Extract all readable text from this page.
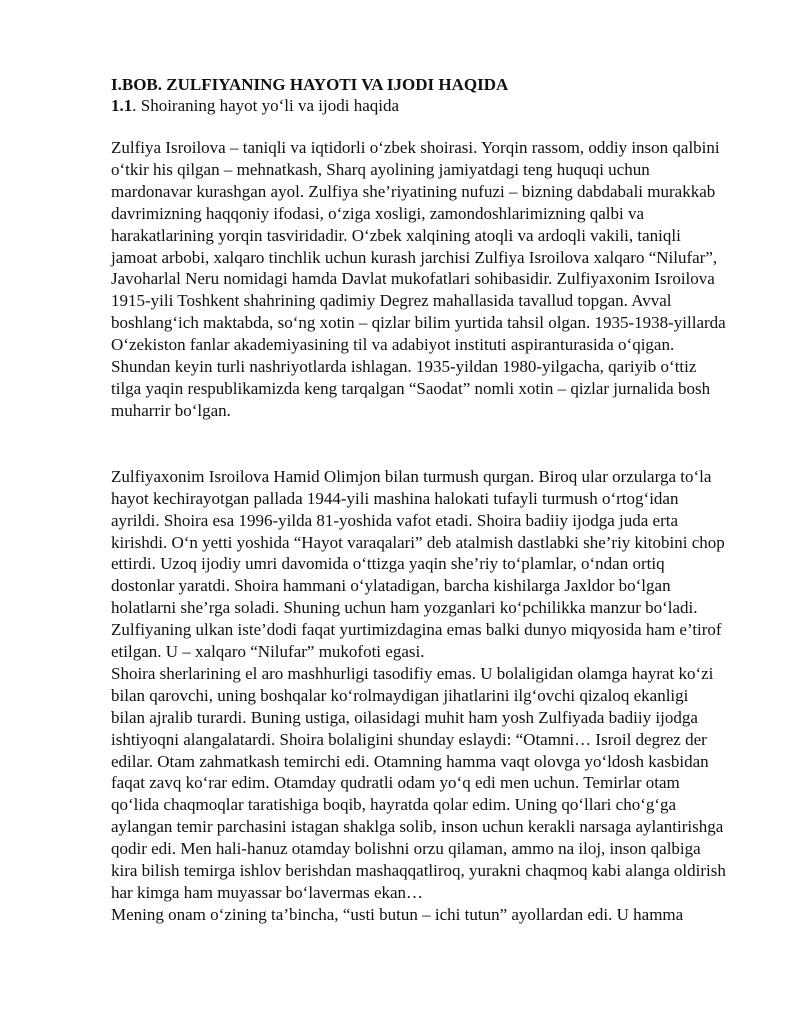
I.BOB. ZULFIYANING HAYOTI VA IJODI HAQIDA

1.1. Shoiraning hayot yo‘li va ijodi haqida

Zulfiya Isroilova – taniqli va iqtidorli o‘zbek shoirasi. Yorqin rassom, oddiy inson qalbini o‘tkir his qilgan – mehnatkash, Sharq ayolining jamiyatdagi teng huquqi uchun mardonavar kurashgan ayol. Zulfiya she’riyatining nufuzi – bizning dabdabali murakkab davrimizning haqqoniy ifodasi, o‘ziga xosligi, zamondoshlarimizning qalbi va harakatlarining yorqin tasviridadir. O‘zbek xalqining atoqli va ardoqli vakili, taniqli jamoat arbobi, xalqaro tinchlik uchun kurash jarchisi Zulfiya Isroilova xalqaro “Nilufar”, Javoharlal Neru nomidagi hamda Davlat mukofatlari sohibasidir. Zulfiyaxonim Isroilova 1915-yili Toshkent shahrining qadimiy Degrez mahallasida tavallud topgan. Avval boshlang‘ich maktabda, so‘ng xotin – qizlar bilim yurtida tahsil olgan. 1935-1938-yillarda O‘zekiston fanlar akademiyasining til va adabiyot instituti aspiranturasida o‘qigan. Shundan keyin turli nashriyotlarda ishlagan. 1935-yildan 1980-yilgacha, qariyib o‘ttiz tilga yaqin respublikamizda keng tarqalgan “Saodat” nomli xotin – qizlar jurnalida bosh muharrir bo‘lgan.

Zulfiyaxonim Isroilova Hamid Olimjon bilan turmush qurgan. Biroq ular orzularga to‘la hayot kechirayotgan pallada 1944-yili mashina halokati tufayli turmush o‘rtog‘idan ayrildi. Shoira esa 1996-yilda 81-yoshida vafot etadi. Shoira badiiy ijodga juda erta kirishdi. O‘n yetti yoshida “Hayot varaqalari” deb atalmish dastlabki she’riy kitobini chop ettirdi. Uzoq ijodiy umri davomida o‘ttizga yaqin she’riy to‘plamlar, o‘ndan ortiq dostonlar yaratdi. Shoira hammani o‘ylatadigan, barcha kishilarga Jaxldor bo‘lgan holatlarni she’rga soladi. Shuning uchun ham yozganlari ko‘pchilikka manzur bo‘ladi. Zulfiyaning ulkan iste’dodi faqat yurtimizdagina emas balki dunyo miqyosida ham e’tirof etilgan. U – xalqaro “Nilufar” mukofoti egasi.

Shoira sherlarining el aro mashhurligi tasodifiy emas. U bolaligidan olamga hayrat ko‘zi bilan qarovchi, uning boshqalar ko‘rolmaydigan jihatlarini ilg‘ovchi qizaloq ekanligi bilan ajralib turardi. Buning ustiga, oilasidagi muhit ham yosh Zulfiyada badiiy ijodga ishtiyoqni alangalatardi. Shoira bolaligini shunday eslaydi: “Otamni… Isroil degrez der edilar. Otam zahmatkash temirchi edi. Otamning hamma vaqt olovga yo‘ldosh kasbidan faqat zavq ko‘rar edim. Otamday qudratli odam yo‘q edi men uchun. Temirlar otam qo‘lida chaqmoqlar taratishiga boqib, hayratda qolar edim. Uning qo‘llari cho‘g‘ga aylangan temir parchasini istagan shaklga solib, inson uchun kerakli narsaga aylantirishga qodir edi. Men hali-hanuz otamday bolishni orzu qilaman, ammo na iloj, inson qalbiga kira bilish temirga ishlov berishdan mashaqqatliroq, yurakni chaqmoq kabi alanga oldirish har kimga ham muyassar bo‘lavermas ekan…

Mening onam o‘zining ta’bincha, “usti butun – ichi tutun” ayollardan edi. U hamma
